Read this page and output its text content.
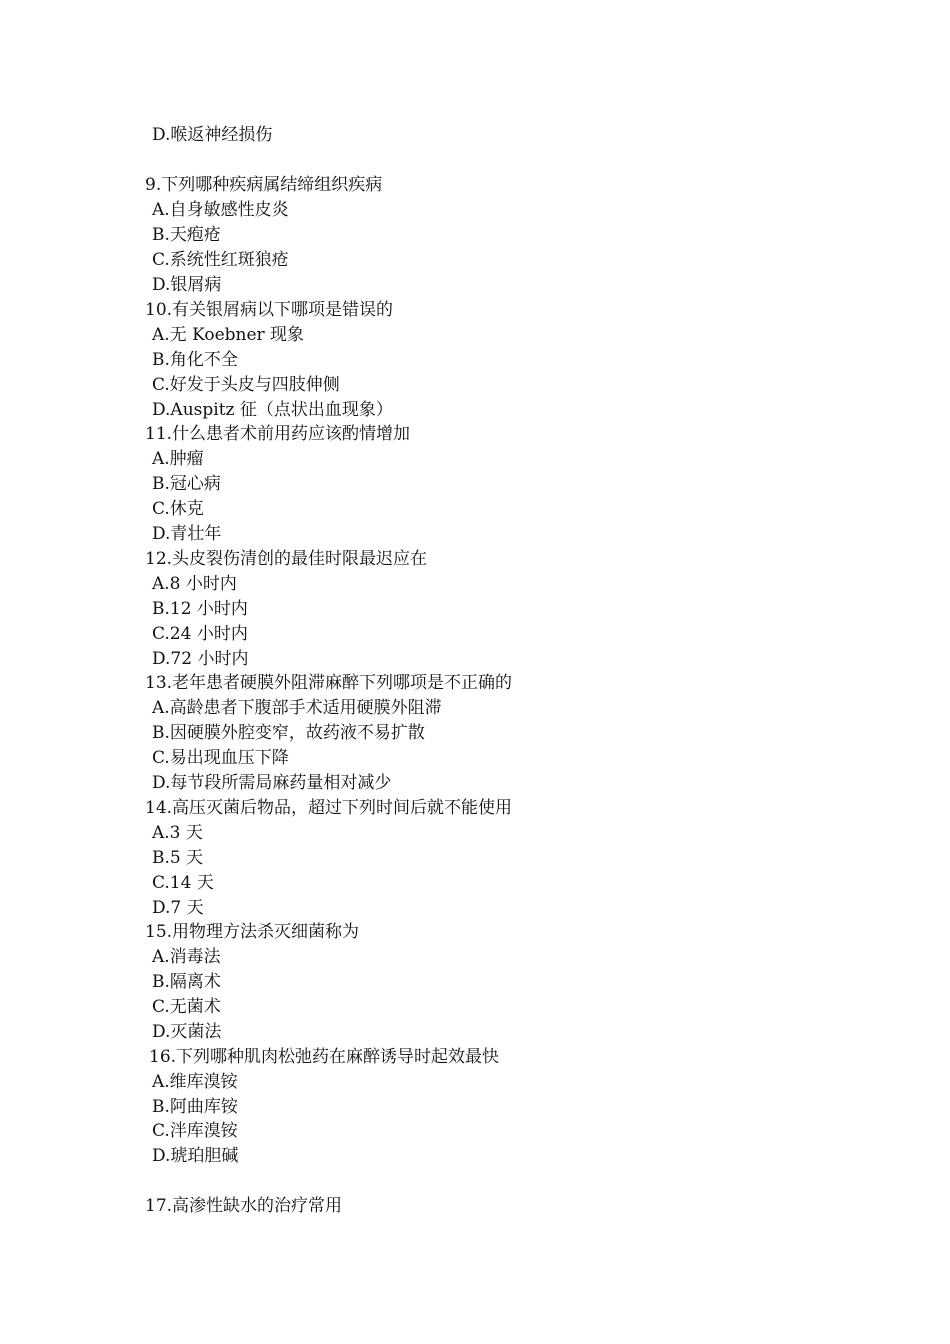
D.喉返神经损伤
9.下列哪种疾病属结缔组织疾病
A.自身敏感性皮炎
B.天疱疮
C.系统性红斑狼疮
D.银屑病
10.有关银屑病以下哪项是错误的
A.无 Koebner 现象
B.角化不全
C.好发于头皮与四肢伸侧
D.Auspitz 征（点状出血现象）
11.什么患者术前用药应该酌情增加
A.肿瘤
B.冠心病
C.休克
D.青壮年
12.头皮裂伤清创的最佳时限最迟应在
A.8 小时内
B.12 小时内
C.24 小时内
D.72 小时内
13.老年患者硬膜外阻滞麻醉下列哪项是不正确的
A.高龄患者下腹部手术适用硬膜外阻滞
B.因硬膜外腔变窄，故药液不易扩散
C.易出现血压下降
D.每节段所需局麻药量相对减少
14.高压灭菌后物品，超过下列时间后就不能使用
A.3 天
B.5 天
C.14 天
D.7 天
15.用物理方法杀灭细菌称为
A.消毒法
B.隔离术
C.无菌术
D.灭菌法
16.下列哪种肌肉松弛药在麻醉诱导时起效最快
A.维库溴铵
B.阿曲库铵
C.泮库溴铵
D.琥珀胆碱
17.高渗性缺水的治疗常用
